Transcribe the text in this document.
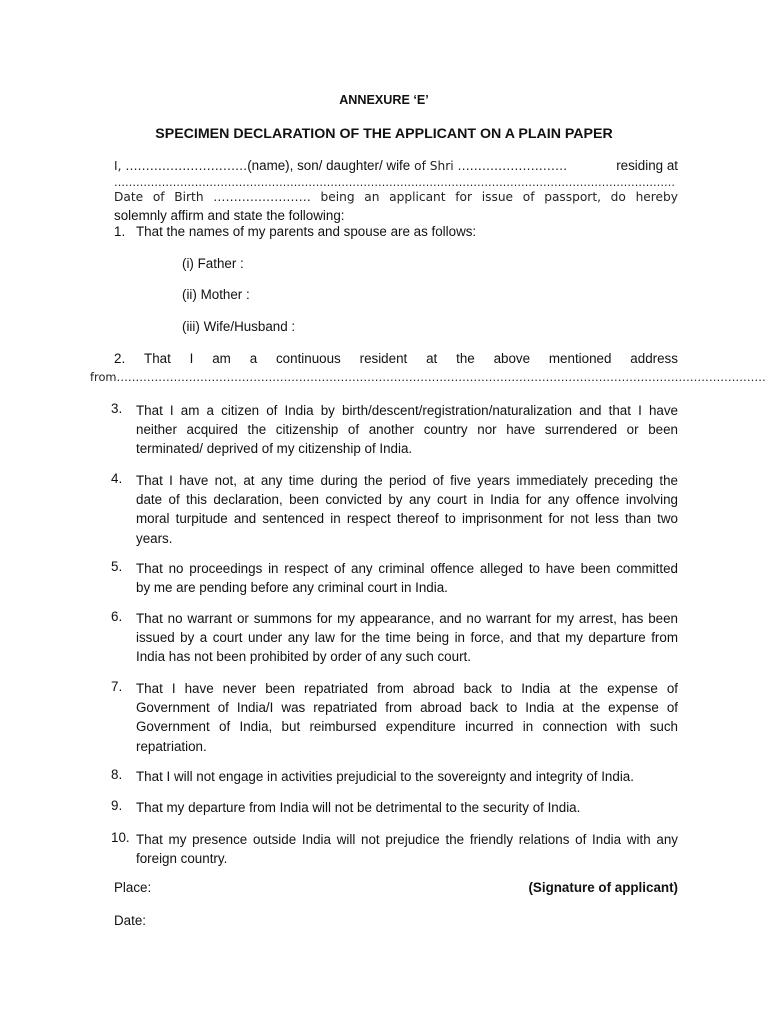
ANNEXURE ‘E’
SPECIMEN DECLARATION OF THE APPLICANT ON A PLAIN PAPER
I, …………………………(name), son/ daughter/ wife of Shri ………………………	residing at
………………………………………………………………………………………………………………………………………
Date of Birth …………………… being an applicant for issue of passport, do hereby
solemnly affirm and state the following:
1. That the names of my parents and spouse are as follows:
(i) Father :
(ii) Mother :
(iii) Wife/Husband :
2. That I am a continuous resident at the above mentioned address
from………………………………………………………………………………………………………………………………………………………
3.	That I am a citizen of India by birth/descent/registration/naturalization and that I have
neither acquired the citizenship of another country nor have surrendered or been
terminated/ deprived of my citizenship of India.
4.	That I have not, at any time during the period of five years immediately preceding the
date of this declaration, been convicted by any court in India for any offence involving
moral turpitude and sentenced in respect thereof to imprisonment for not less than two
years.
5.	That no proceedings in respect of any criminal offence alleged to have been committed
by me are pending before any criminal court in India.
6.	That no warrant or summons for my appearance, and no warrant for my arrest, has been
issued by a court under any law for the time being in force, and that my departure from
India has not been prohibited by order of any such court.
7.	That I have never been repatriated from abroad back to India at the expense of
Government of India/I was repatriated from abroad back to India at the expense of
Government of India, but reimbursed expenditure incurred in connection with such
repatriation.
8.	That I will not engage in activities prejudicial to the sovereignty and integrity of India.
9.	That my departure from India will not be detrimental to the security of India.
10. That my presence outside India will not prejudice the friendly relations of India with any
foreign country.
Place:	(Signature of applicant)
Date:
